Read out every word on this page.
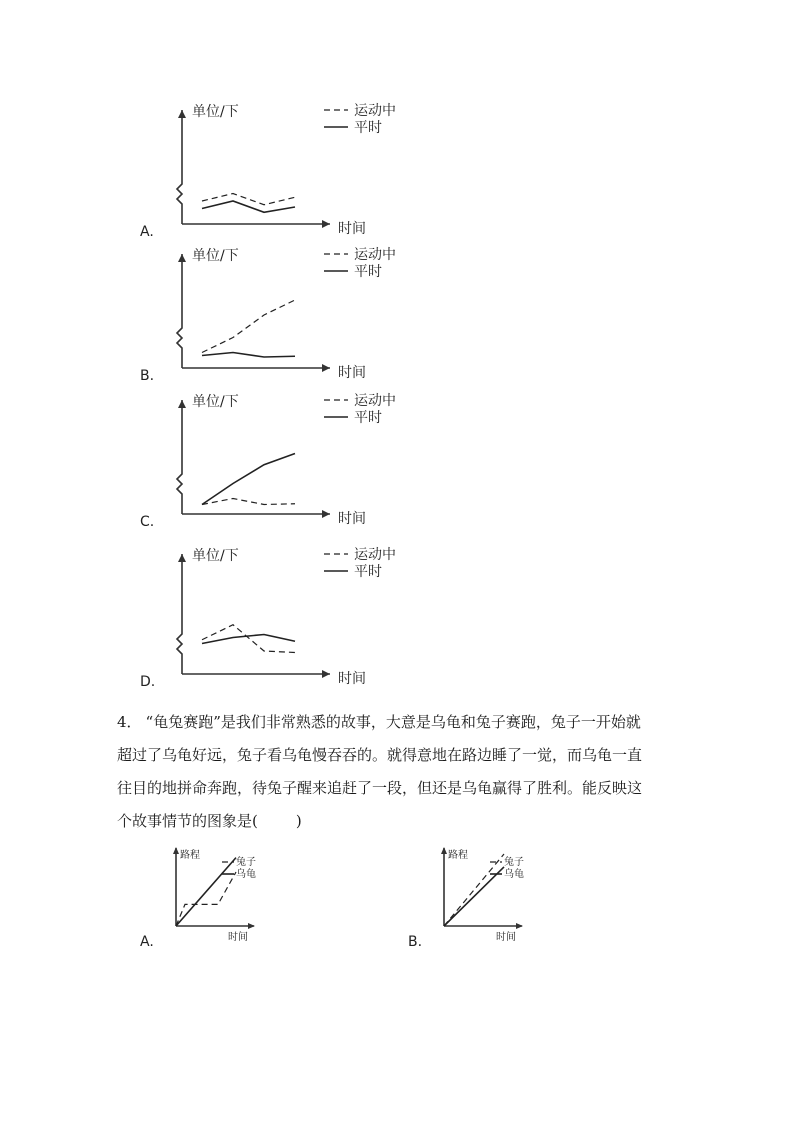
A.
单位/下
时间
运动中
平时
B.
单位/下
时间
运动中
平时
C.
单位/下
时间
运动中
平时
D.
单位/下
时间
运动中
平时

4． “龟兔赛跑”是我们非常熟悉的故事，大意是乌龟和兔子赛跑，兔子一开始就

超过了乌龟好远，兔子看乌龟慢吞吞的。就得意地在路边睡了一觉，而乌龟一直

往目的地拼命奔跑，待兔子醒来追赶了一段，但还是乌龟赢得了胜利。能反映这

个故事情节的图象是(	)

A.
路程
时间
兔子
乌龟
B.
路程
时间
兔子
乌龟
